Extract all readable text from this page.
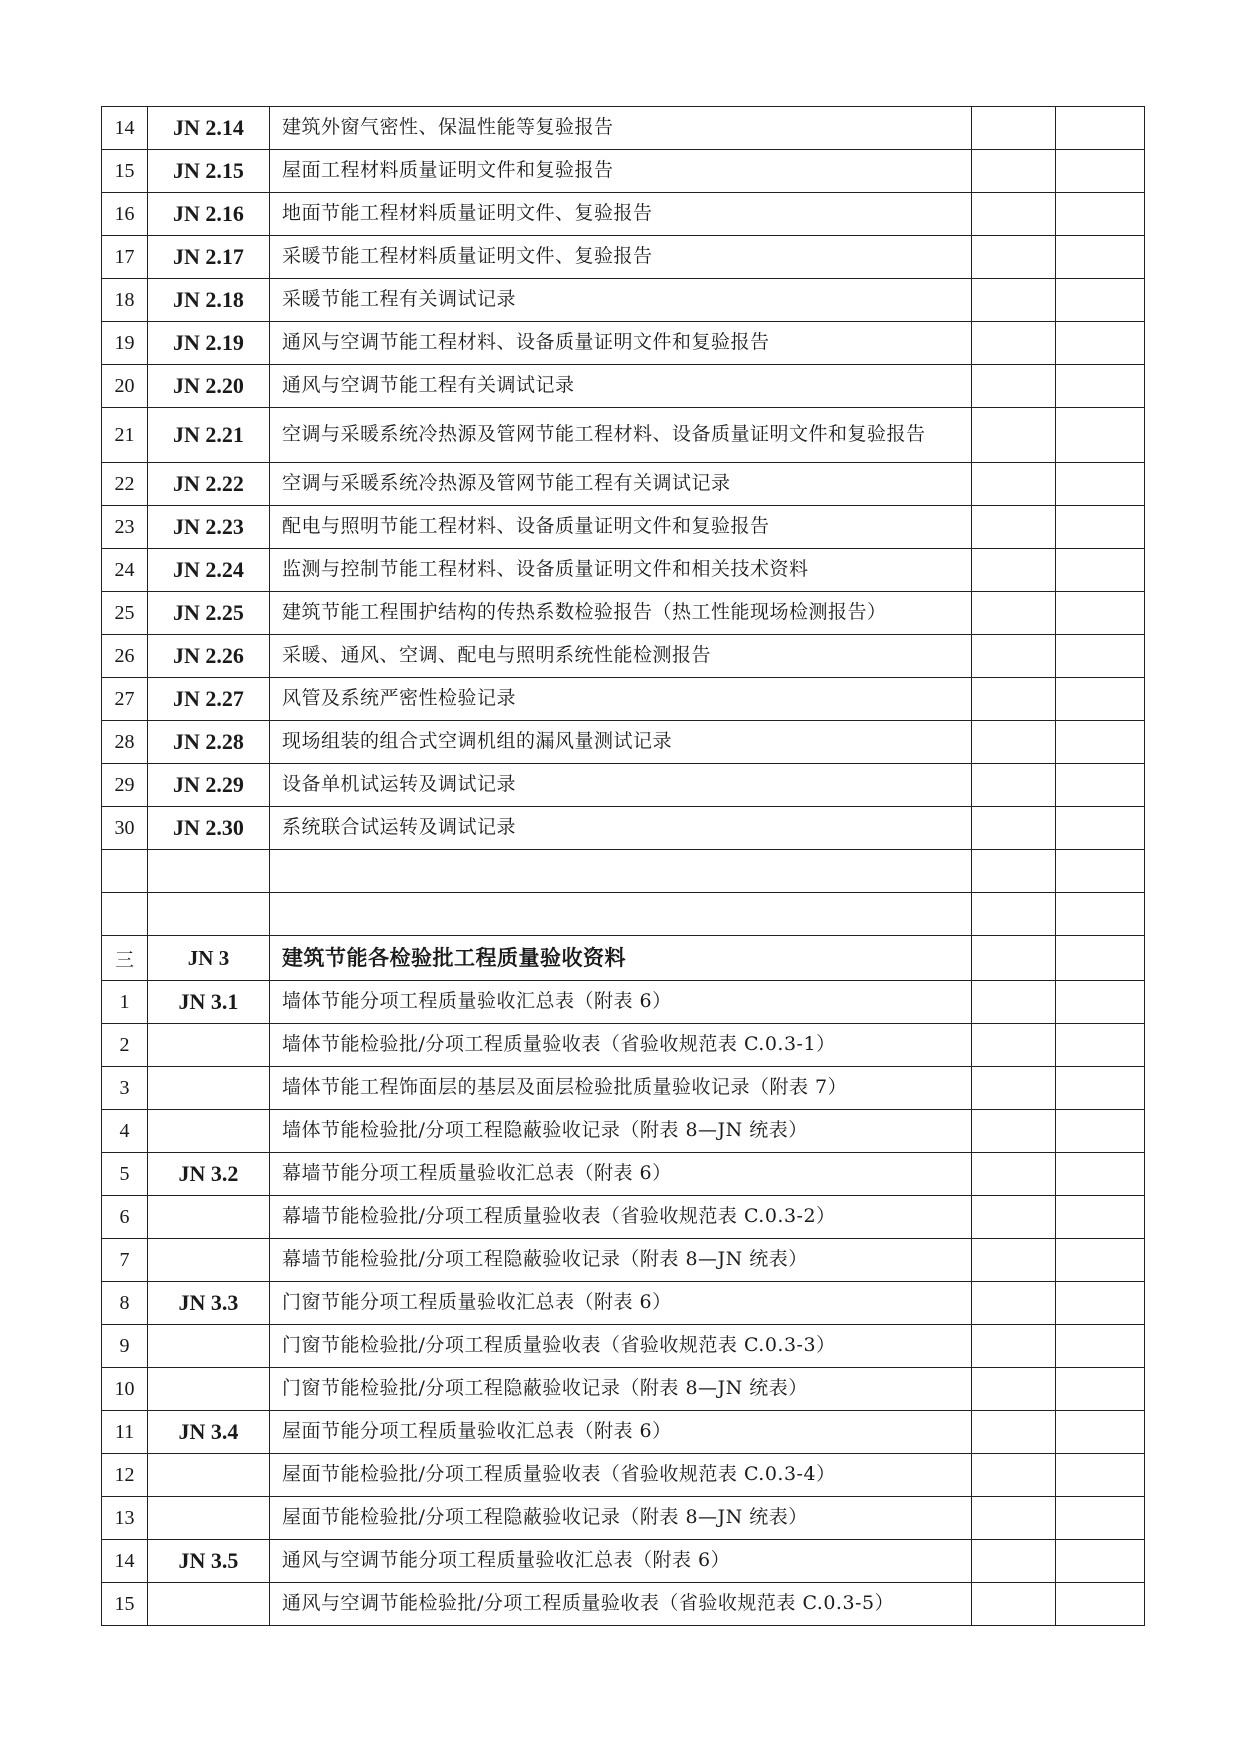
14	JN 2.14	建筑外窗气密性、保温性能等复验报告		
15	JN 2.15	屋面工程材料质量证明文件和复验报告		
16	JN 2.16	地面节能工程材料质量证明文件、复验报告		
17	JN 2.17	采暖节能工程材料质量证明文件、复验报告		
18	JN 2.18	采暖节能工程有关调试记录		
19	JN 2.19	通风与空调节能工程材料、设备质量证明文件和复验报告		
20	JN 2.20	通风与空调节能工程有关调试记录		
21	JN 2.21	空调与采暖系统冷热源及管网节能工程材料、设备质量证明文件和复验报告		
22	JN 2.22	空调与采暖系统冷热源及管网节能工程有关调试记录		
23	JN 2.23	配电与照明节能工程材料、设备质量证明文件和复验报告		
24	JN 2.24	监测与控制节能工程材料、设备质量证明文件和相关技术资料		
25	JN 2.25	建筑节能工程围护结构的传热系数检验报告（热工性能现场检测报告）		
26	JN 2.26	采暖、通风、空调、配电与照明系统性能检测报告		
27	JN 2.27	风管及系统严密性检验记录		
28	JN 2.28	现场组装的组合式空调机组的漏风量测试记录		
29	JN 2.29	设备单机试运转及调试记录		
30	JN 2.30	系统联合试运转及调试记录		

三	JN 3	建筑节能各检验批工程质量验收资料		
1	JN 3.1	墙体节能分项工程质量验收汇总表（附表 6）		
2		墙体节能检验批/分项工程质量验收表（省验收规范表 C.0.3-1）		
3		墙体节能工程饰面层的基层及面层检验批质量验收记录（附表 7）		
4		墙体节能检验批/分项工程隐蔽验收记录（附表 8—JN 统表）		
5	JN 3.2	幕墙节能分项工程质量验收汇总表（附表 6）		
6		幕墙节能检验批/分项工程质量验收表（省验收规范表 C.0.3-2）		
7		幕墙节能检验批/分项工程隐蔽验收记录（附表 8—JN 统表）		
8	JN 3.3	门窗节能分项工程质量验收汇总表（附表 6）		
9		门窗节能检验批/分项工程质量验收表（省验收规范表 C.0.3-3）		
10		门窗节能检验批/分项工程隐蔽验收记录（附表 8—JN 统表）		
11	JN 3.4	屋面节能分项工程质量验收汇总表（附表 6）		
12		屋面节能检验批/分项工程质量验收表（省验收规范表 C.0.3-4）		
13		屋面节能检验批/分项工程隐蔽验收记录（附表 8—JN 统表）		
14	JN 3.5	通风与空调节能分项工程质量验收汇总表（附表 6）		
15		通风与空调节能检验批/分项工程质量验收表（省验收规范表 C.0.3-5）		
